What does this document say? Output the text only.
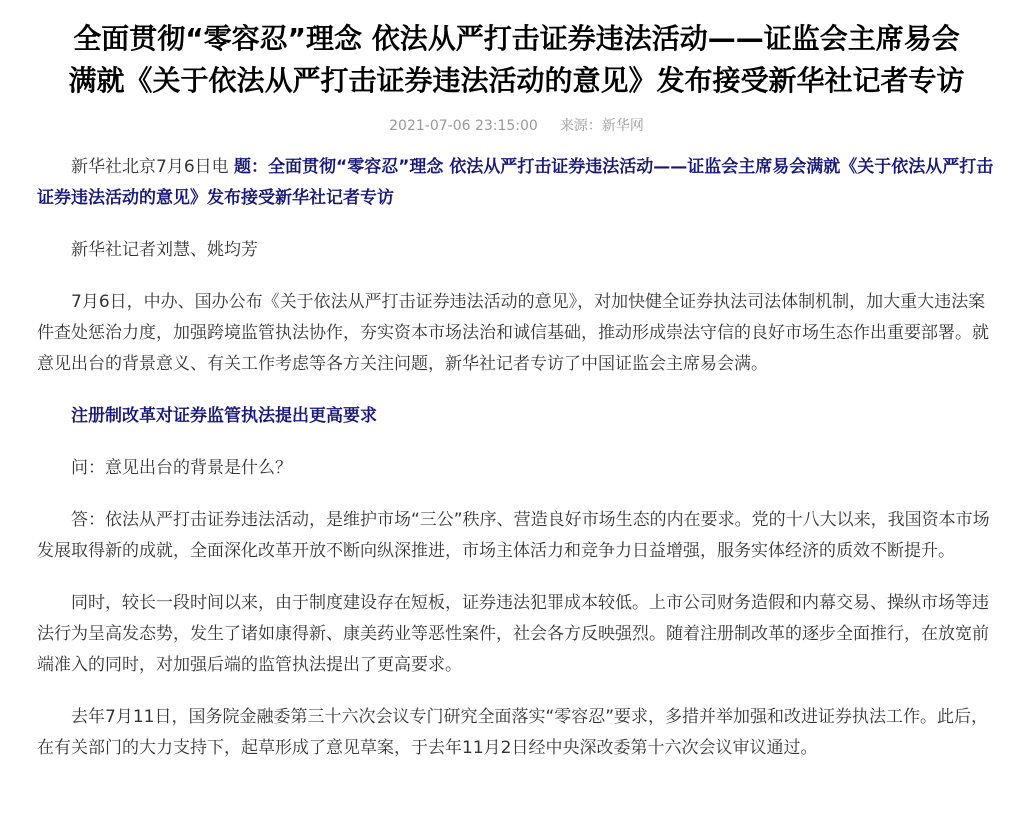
全面贯彻“零容忍”理念 依法从严打击证券违法活动——证监会主席易会
满就《关于依法从严打击证券违法活动的意见》发布接受新华社记者专访
2021-07-06 23:15:00 来源：新华网

新华社北京7月6日电 题：全面贯彻“零容忍”理念 依法从严打击证券违法活动——证监会主席易会满就《关于依法从严打击证券违法活动的意见》发布接受新华社记者专访

新华社记者刘慧、姚均芳

7月6日，中办、国办公布《关于依法从严打击证券违法活动的意见》，对加快健全证券执法司法体制机制，加大重大违法案件查处惩治力度，加强跨境监管执法协作，夯实资本市场法治和诚信基础，推动形成崇法守信的良好市场生态作出重要部署。就意见出台的背景意义、有关工作考虑等各方关注问题，新华社记者专访了中国证监会主席易会满。

注册制改革对证券监管执法提出更高要求

问：意见出台的背景是什么？

答：依法从严打击证券违法活动，是维护市场“三公”秩序、营造良好市场生态的内在要求。党的十八大以来，我国资本市场发展取得新的成就，全面深化改革开放不断向纵深推进，市场主体活力和竞争力日益增强，服务实体经济的质效不断提升。

同时，较长一段时间以来，由于制度建设存在短板，证券违法犯罪成本较低。上市公司财务造假和内幕交易、操纵市场等违法行为呈高发态势，发生了诸如康得新、康美药业等恶性案件，社会各方反映强烈。随着注册制改革的逐步全面推行，在放宽前端准入的同时，对加强后端的监管执法提出了更高要求。

去年7月11日，国务院金融委第三十六次会议专门研究全面落实“零容忍”要求，多措并举加强和改进证券执法工作。此后，在有关部门的大力支持下，起草形成了意见草案，于去年11月2日经中央深改委第十六次会议审议通过。
